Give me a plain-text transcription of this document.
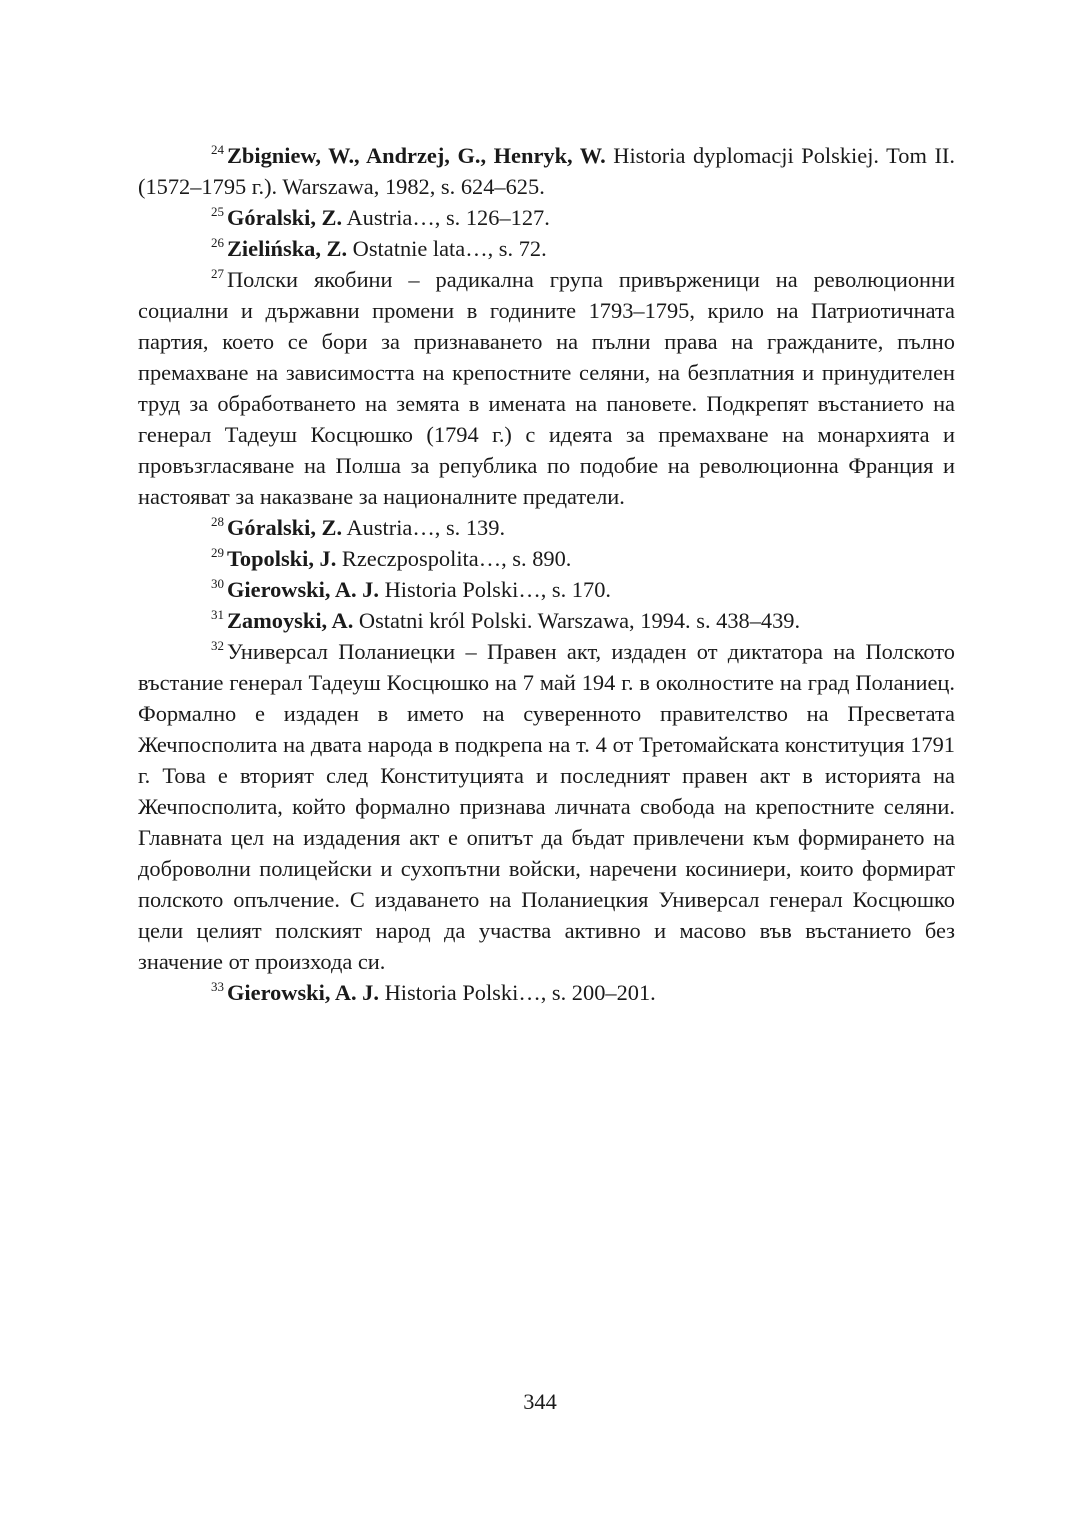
$^{24}$ Zbigniew, W., Andrzej, G., Henryk, W. Historia dyplomacji Polskiej. Tom II. (1572–1795 г.). Warszawa, 1982, s. 624–625.

$^{25}$ Góralski, Z. Austria…, s. 126–127.

$^{26}$ Zielińska, Z. Ostatnie lata…, s. 72.

$^{27}$ Полски якобини – радикална група привърженици на революционни социални и държавни промени в годините 1793–1795, крило на Патриотичната партия, което се бори за признаването на пълни права на гражданите, пълно премахване на зависимостта на крепостните селяни, на безплатния и принудителен труд за обработването на земята в имената на пановете. Подкрепят въстанието на генерал Тадеуш Косцюшко (1794 г.) с идеята за премахване на монархията и провъзгласяване на Полша за република по подобие на революционна Франция и настояват за наказване за националните предатели.

$^{28}$ Góralski, Z. Austria…, s. 139.

$^{29}$ Topolski, J. Rzeczpospolita…, s. 890.

$^{30}$ Gierowski, A. J. Historia Polski…, s. 170.

$^{31}$ Zamoyski, A. Ostatni król Polski. Warszawa, 1994. s. 438–439.

$^{32}$ Универсал Поланиецки – Правен акт, издаден от диктатора на Полското въстание генерал Тадеуш Косцюшко на 7 май 194 г. в околностите на град Поланиец. Формално е издаден в името на суверенното правителство на Пресветата Жечпосполита на двата народа в подкрепа на т. 4 от Третомайската конституция 1791 г. Това е вторият след Конституцията и последният правен акт в историята на Жечпосполита, който формално признава личната свобода на крепостните селяни. Главната цел на издадения акт е опитът да бъдат привлечени към формирането на доброволни полицейски и сухопътни войски, наречени косиниери, които формират полското опълчение. С издаването на Поланиецкия Универсал генерал Косцюшко цели целият полският народ да участва активно и масово във въстанието без значение от произхода си.

$^{33}$ Gierowski, A. J. Historia Polski…, s. 200–201.

344
